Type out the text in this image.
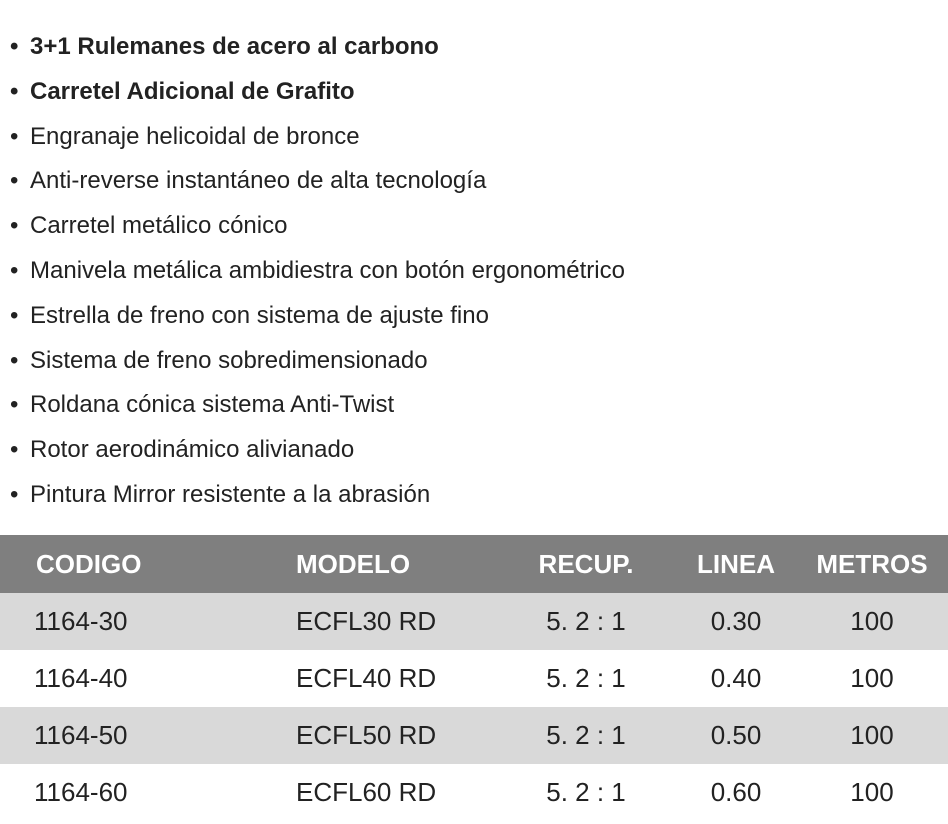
• 3+1 Rulemanes de acero al carbono
• Carretel Adicional de Grafito
• Engranaje helicoidal de bronce
• Anti-reverse instantáneo de alta tecnología
• Carretel metálico cónico
• Manivela metálica ambidiestra con botón ergonométrico
• Estrella de freno con sistema de ajuste fino
• Sistema de freno sobredimensionado
• Roldana cónica sistema Anti-Twist
• Rotor aerodinámico alivianado
• Pintura Mirror resistente a la abrasión
CODIGO	MODELO	RECUP.	LINEA	METROS
1164-30	ECFL30 RD	5. 2 : 1	0.30	100
1164-40	ECFL40 RD	5. 2 : 1	0.40	100
1164-50	ECFL50 RD	5. 2 : 1	0.50	100
1164-60	ECFL60 RD	5. 2 : 1	0.60	100
